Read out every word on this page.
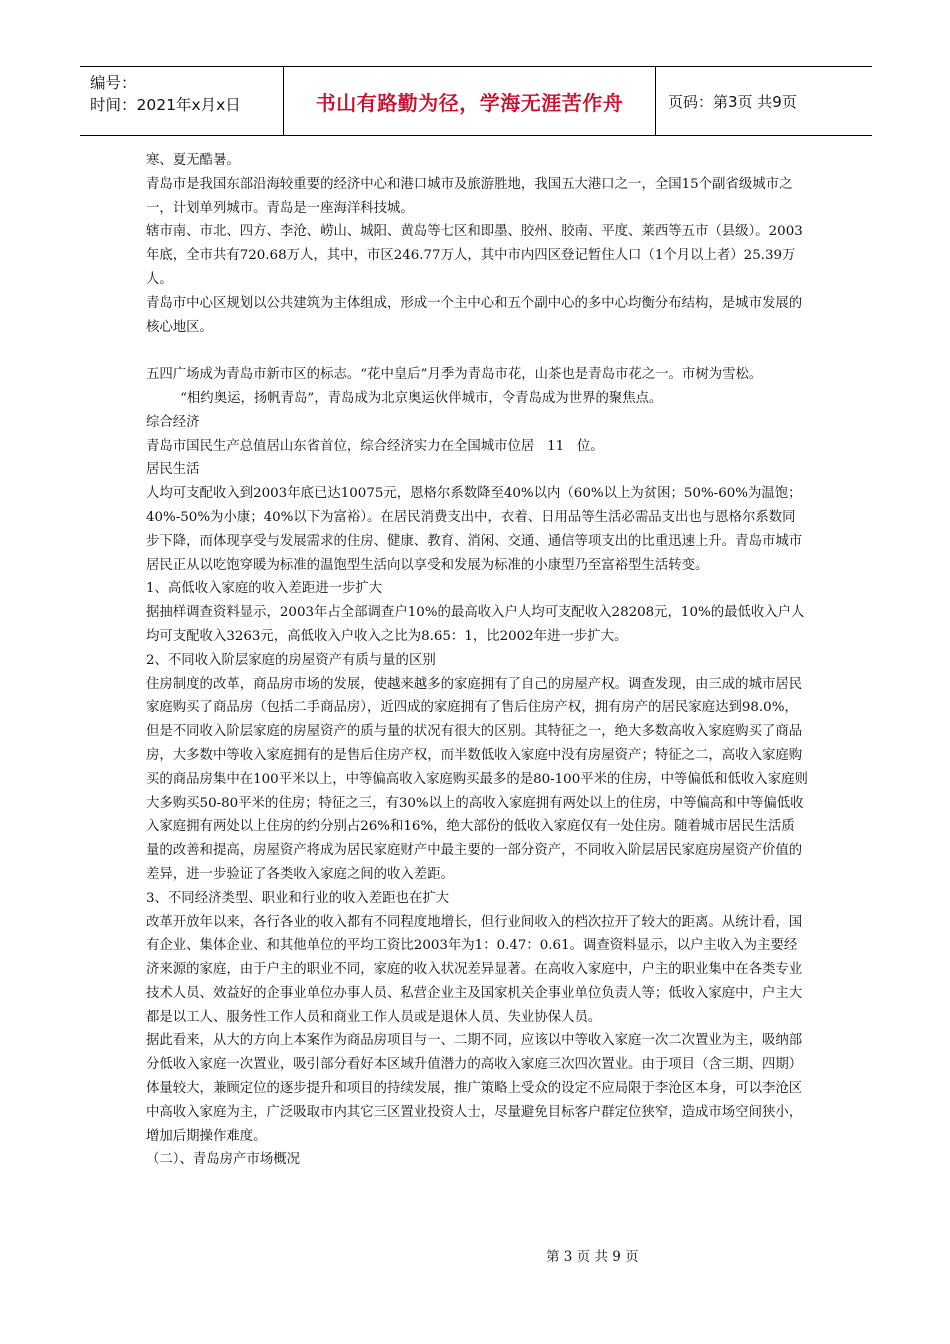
编号：
时间：2021年x月x日	书山有路勤为径，学海无涯苦作舟	页码：第3页 共9页

寒、夏无酷暑。

青岛市是我国东部沿海较重要的经济中心和港口城市及旅游胜地，我国五大港口之一，全国15个副省级城市之一，计划单列城市。青岛是一座海洋科技城。

辖市南、市北、四方、李沧、崂山、城阳、黄岛等七区和即墨、胶州、胶南、平度、莱西等五市（县级）。2003年底，全市共有720.68万人，其中，市区246.77万人，其中市内四区登记暂住人口（1个月以上者）25.39万人。

青岛市中心区规划以公共建筑为主体组成，形成一个主中心和五个副中心的多中心均衡分布结构，是城市发展的核心地区。

五四广场成为青岛市新市区的标志。“花中皇后”月季为青岛市花，山茶也是青岛市花之一。市树为雪松。

“相约奥运，扬帆青岛”，青岛成为北京奥运伙伴城市，令青岛成为世界的聚焦点。

综合经济

青岛市国民生产总值居山东省首位，综合经济实力在全国城市位居   11   位。

居民生活

人均可支配收入到2003年底已达10075元，恩格尔系数降至40%以内（60%以上为贫困；50%-60%为温饱；40%-50%为小康；40%以下为富裕）。在居民消费支出中，衣着、日用品等生活必需品支出也与恩格尔系数同步下降，而体现享受与发展需求的住房、健康、教育、消闲、交通、通信等项支出的比重迅速上升。青岛市城市居民正从以吃饱穿暖为标准的温饱型生活向以享受和发展为标准的小康型乃至富裕型生活转变。

1、高低收入家庭的收入差距进一步扩大

据抽样调查资料显示，2003年占全部调查户10%的最高收入户人均可支配收入28208元，10%的最低收入户人均可支配收入3263元，高低收入户收入之比为8.65：1，比2002年进一步扩大。

2、不同收入阶层家庭的房屋资产有质与量的区别

住房制度的改革，商品房市场的发展，使越来越多的家庭拥有了自己的房屋产权。调查发现，由三成的城市居民家庭购买了商品房（包括二手商品房），近四成的家庭拥有了售后住房产权，拥有房产的居民家庭达到98.0%，但是不同收入阶层家庭的房屋资产的质与量的状况有很大的区别。其特征之一，绝大多数高收入家庭购买了商品房，大多数中等收入家庭拥有的是售后住房产权，而半数低收入家庭中没有房屋资产；特征之二，高收入家庭购买的商品房集中在100平米以上，中等偏高收入家庭购买最多的是80-100平米的住房，中等偏低和低收入家庭则大多购买50-80平米的住房；特征之三，有30%以上的高收入家庭拥有两处以上的住房，中等偏高和中等偏低收入家庭拥有两处以上住房的约分别占26%和16%，绝大部份的低收入家庭仅有一处住房。随着城市居民生活质量的改善和提高，房屋资产将成为居民家庭财产中最主要的一部分资产，不同收入阶层居民家庭房屋资产价值的差异，进一步验证了各类收入家庭之间的收入差距。

3、不同经济类型、职业和行业的收入差距也在扩大

改革开放年以来，各行各业的收入都有不同程度地增长，但行业间收入的档次拉开了较大的距离。从统计看，国有企业、集体企业、和其他单位的平均工资比2003年为1：0.47：0.61。调查资料显示，以户主收入为主要经济来源的家庭，由于户主的职业不同，家庭的收入状况差异显著。在高收入家庭中，户主的职业集中在各类专业技术人员、效益好的企事业单位办事人员、私营企业主及国家机关企事业单位负责人等；低收入家庭中，户主大都是以工人、服务性工作人员和商业工作人员或是退休人员、失业协保人员。

据此看来，从大的方向上本案作为商品房项目与一、二期不同，应该以中等收入家庭一次二次置业为主，吸纳部分低收入家庭一次置业，吸引部分看好本区域升值潜力的高收入家庭三次四次置业。由于项目（含三期、四期）体量较大，兼顾定位的逐步提升和项目的持续发展，推广策略上受众的设定不应局限于李沧区本身，可以李沧区中高收入家庭为主，广泛吸取市内其它三区置业投资人士，尽量避免目标客户群定位狭窄，造成市场空间狭小，增加后期操作难度。

（二）、青岛房产市场概况

第 3 页 共 9 页
